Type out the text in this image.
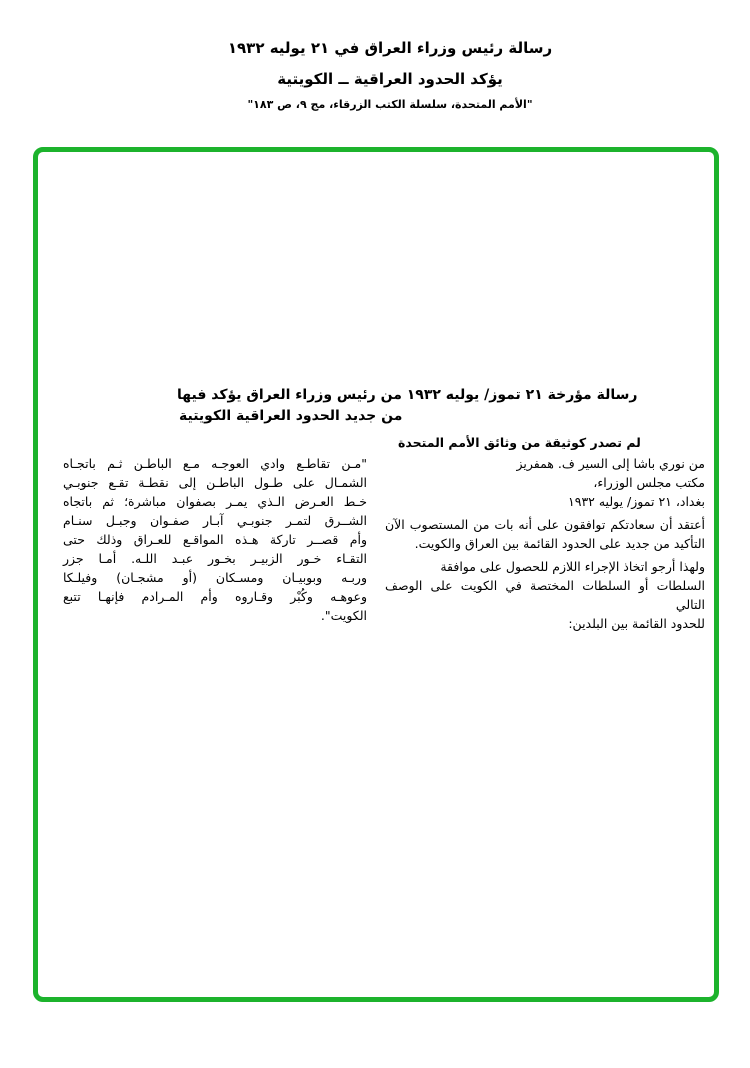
رسالة رئيس وزراء العراق في ٢١ يوليه ١٩٣٢
يؤكد الحدود العراقية ــ الكويتية
"الأمم المتحدة، سلسلة الكتب الزرقاء، مج ٩، ص ١٨٣"
رسالة مؤرخة ٢١ تموز/ يوليه ١٩٣٢ من رئيس وزراء العراق يؤكد فيها
من جديد الحدود العراقية الكويتية
لم تصدر كوثيقة من وثائق الأمم المتحدة
من نوري باشا إلى السير ف. همفريز
مكتب مجلس الوزراء،
بغداد، ٢١ تموز/ يوليه ١٩٣٢
أعتقد أن سعادتكم توافقون على أنه بات من المستصوب الآن
التأكيد من جديد على الحدود القائمة بين العراق والكويت.
ولهذا أرجو اتخاذ الإجراء اللازم للحصول على موافقة
السلطات أو السلطات المختصة في الكويت على الوصف التالي
للحدود القائمة بين البلدين:
"مـن تقاطـع وادي العوجـه مـع الباطـن ثـم باتجـاه
الشمـال على طـول الباطـن إلى نقطـة تقـع جنوبـي
خـط العـرض الـذي يمـر بصفوان مباشرة؛ ثم باتجاه
الشــرق لتمـر جنوبـي آبـار صفـوان وجبـل سنـام
وأم قصــر تاركة هـذه المواقـع للعـراق وذلك حتى
التقـاء خـور الزبيـر بخـور عبـد اللـه. أمـا جزر
وربـه وبوبيـان ومسـكان (أو مشجـان) وفيلـكا
وعوهـه وكُبْر وقـاروه وأم المـرادم فإنهـا تتبع
الكويت".
